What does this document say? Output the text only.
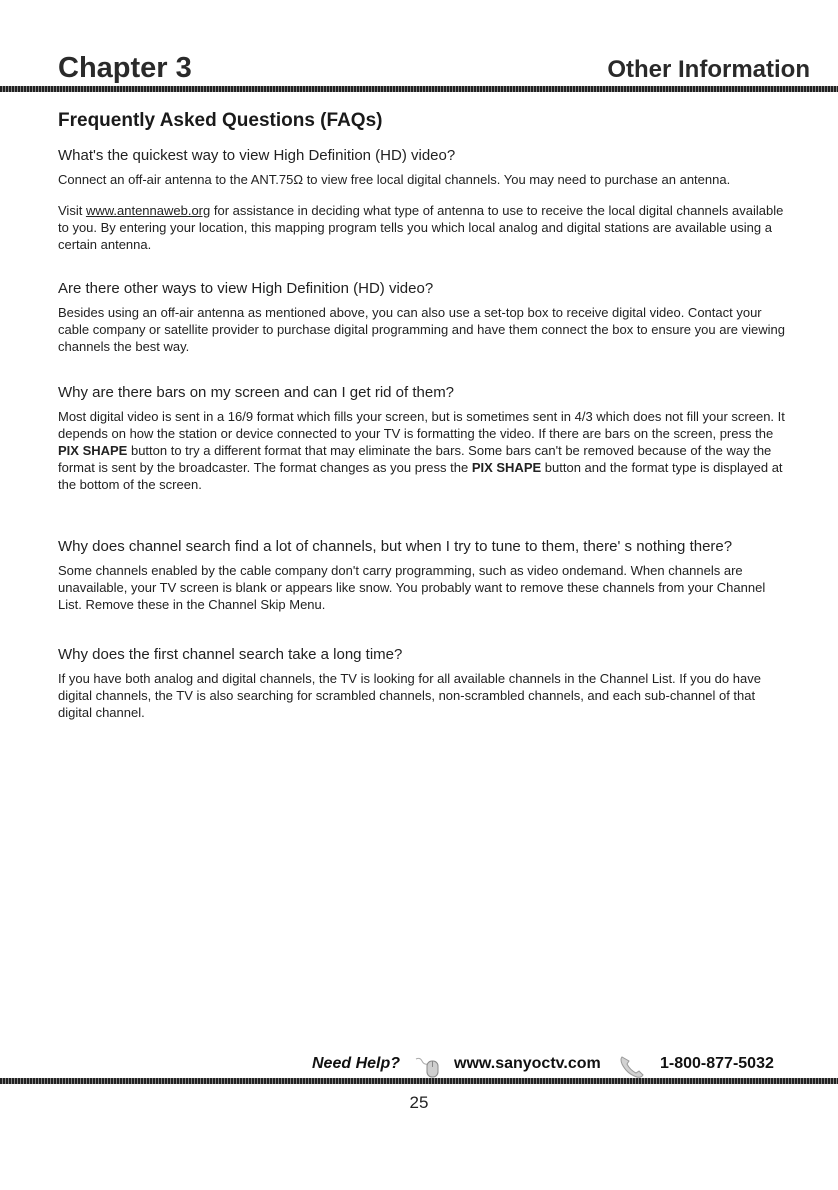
Chapter 3	Other Information
Frequently Asked Questions (FAQs)

What's the quickest way to view High Definition (HD) video?

Connect an off-air antenna to the ANT.75Ω to view free local digital channels. You may need to purchase an antenna.

Visit www.antennaweb.org for assistance in deciding what type of antenna to use to receive the local digital channels available to you. By entering your location, this mapping program tells you which local analog and digital stations are available using a certain antenna.

Are there other ways to view High Definition (HD) video?

Besides using an off-air antenna as mentioned above, you can also use a set-top box to receive digital video. Contact your cable company or satellite provider to purchase digital programming and have them connect the box to ensure you are viewing channels the best way.

Why are there bars on my screen and can I get rid of them?

Most digital video is sent in a 16/9 format which fills your screen, but is sometimes sent in 4/3 which does not fill your screen. It depends on how the station or device connected to your TV is formatting the video. If there are bars on the screen, press the PIX SHAPE button to try a different format that may eliminate the bars. Some bars can't be removed because of the way the format is sent by the broadcaster. The format changes as you press the PIX SHAPE button and the format type is displayed at the bottom of the screen.

Why does channel search find a lot of channels, but when I try to tune to them, there' s nothing there?

Some channels enabled by the cable company don't carry programming, such as video ondemand. When channels are unavailable, your TV screen is blank or appears like snow. You probably want to remove these channels from your Channel List. Remove these in the Channel Skip Menu.

Why does the first channel search take a long time?

If you have both analog and digital channels, the TV is looking for all available channels in the Channel List. If you do have digital channels, the TV is also searching for scrambled channels, non-scrambled channels, and each sub-channel of that digital channel.

Need Help?	www.sanyoctv.com	1-800-877-5032
25
